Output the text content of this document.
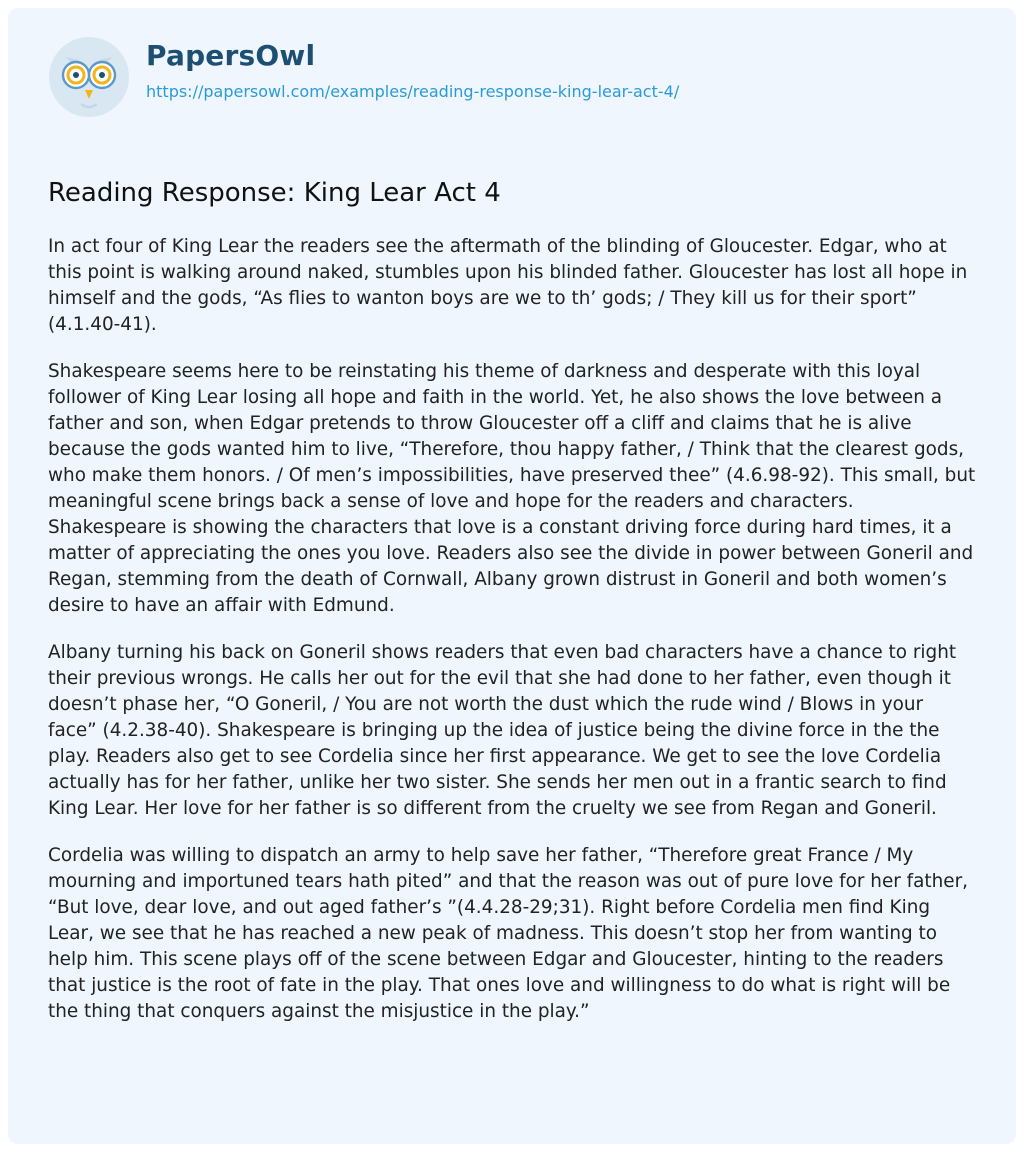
PapersOwl
https://papersowl.com/examples/reading-response-king-lear-act-4/
Reading Response: King Lear Act 4

In act four of King Lear the readers see the aftermath of the blinding of Gloucester. Edgar, who at this point is walking around naked, stumbles upon his blinded father. Gloucester has lost all hope in himself and the gods, “As flies to wanton boys are we to th’ gods; / They kill us for their sport” (4.1.40-41).

Shakespeare seems here to be reinstating his theme of darkness and desperate with this loyal follower of King Lear losing all hope and faith in the world. Yet, he also shows the love between a father and son, when Edgar pretends to throw Gloucester off a cliff and claims that he is alive because the gods wanted him to live, “Therefore, thou happy father, / Think that the clearest gods, who make them honors. / Of men’s impossibilities, have preserved thee” (4.6.98-92). This small, but meaningful scene brings back a sense of love and hope for the readers and characters. Shakespeare is showing the characters that love is a constant driving force during hard times, it a matter of appreciating the ones you love. Readers also see the divide in power between Goneril and Regan, stemming from the death of Cornwall, Albany grown distrust in Goneril and both women’s desire to have an affair with Edmund.

Albany turning his back on Goneril shows readers that even bad characters have a chance to right their previous wrongs. He calls her out for the evil that she had done to her father, even though it doesn’t phase her, “O Goneril, / You are not worth the dust which the rude wind / Blows in your face” (4.2.38-40). Shakespeare is bringing up the idea of justice being the divine force in the the play. Readers also get to see Cordelia since her first appearance. We get to see the love Cordelia actually has for her father, unlike her two sister. She sends her men out in a frantic search to find King Lear. Her love for her father is so different from the cruelty we see from Regan and Goneril.

Cordelia was willing to dispatch an army to help save her father, “Therefore great France / My mourning and importuned tears hath pited” and that the reason was out of pure love for her father, “But love, dear love, and out aged father’s ”(4.4.28-29;31). Right before Cordelia men find King Lear, we see that he has reached a new peak of madness. This doesn’t stop her from wanting to help him. This scene plays off of the scene between Edgar and Gloucester, hinting to the readers that justice is the root of fate in the play. That ones love and willingness to do what is right will be the thing that conquers against the misjustice in the play.”
